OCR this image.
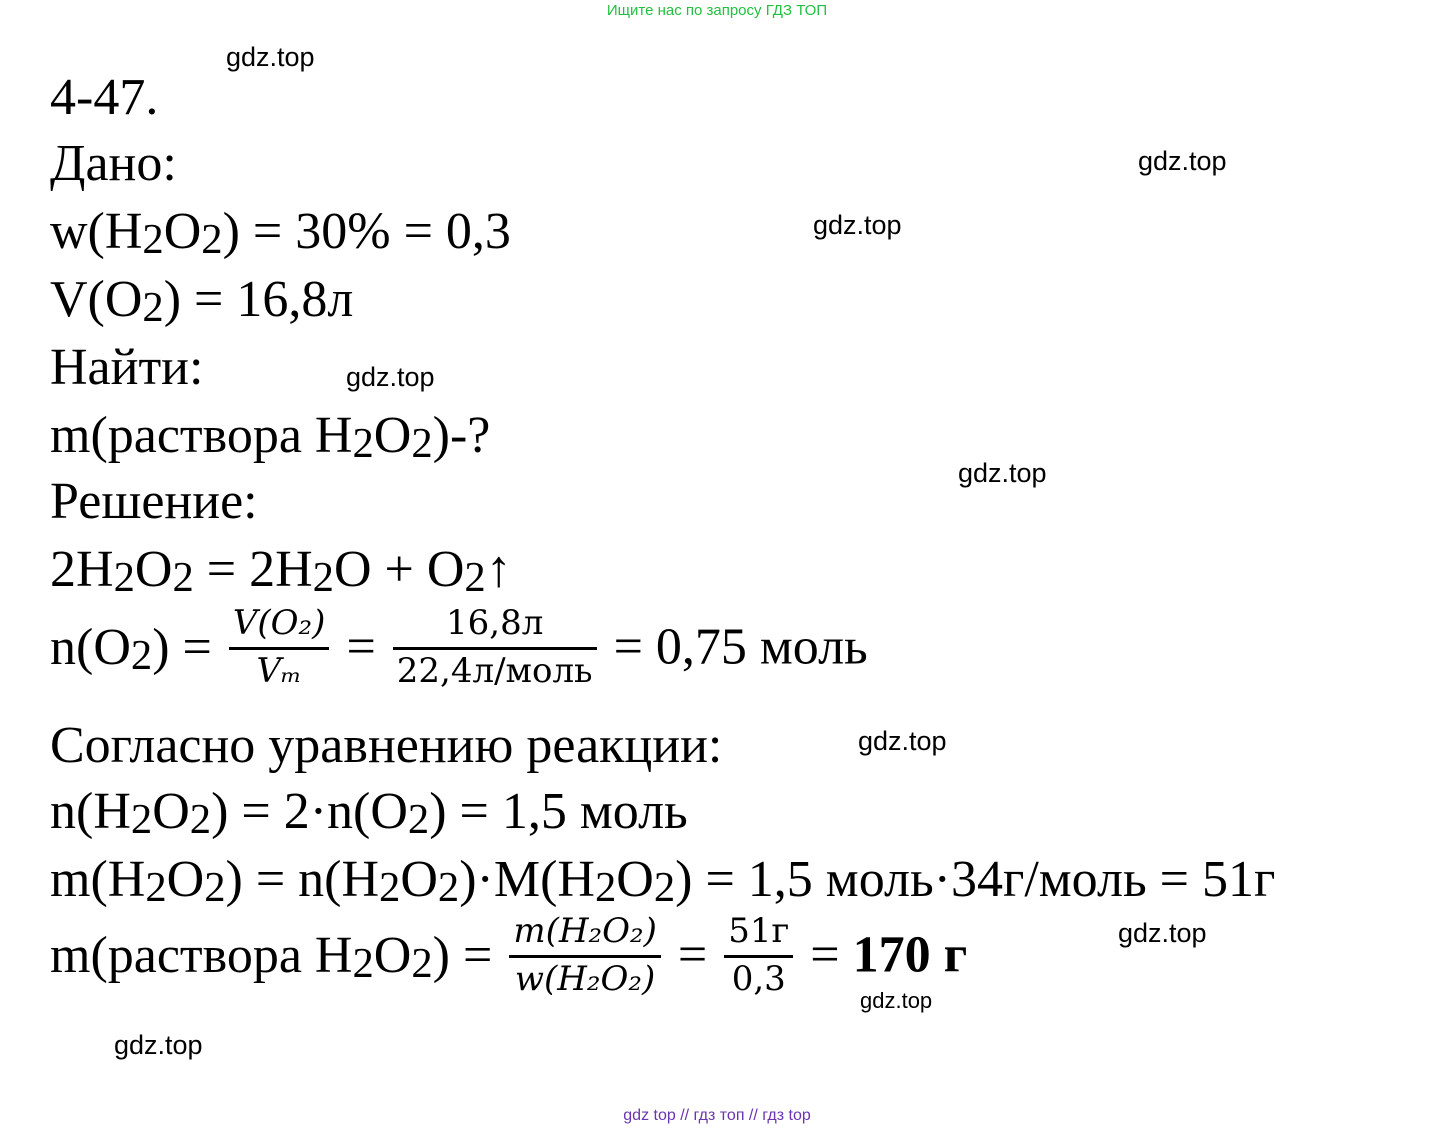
Ищите нас по запросу ГДЗ ТОП
gdz.top
gdz.top
gdz.top
gdz.top
gdz.top
gdz.top
gdz.top
gdz.top
gdz.top
4-47.
Дано:
$w(H_2O_2) = 30\% = 0,3$
$V(O_2) = 16,8л$
Найти:
m(раствора $H_2O_2)-$?
Решение:
$2H_2O_2 = 2H_2O$ + $O_2↑$
$n(O_2) = \frac{\text{V(O₂)}}{\text{Vₘ}} = \frac{16,8л}{\text{22,4л/моль}} = 0,75$ моль
Согласно уравнению реакции:
$n(H_2O_2) = 2\cdot n(O_2) = 1,5$ моль
$m(H_2O_2) = n(H_2O_2)\cdot M(H_2O_2) = 1,5$ моль·34г/моль = 51г
m(раствора $H_2O_2) = \frac{\text{m(H₂O₂)}}{\text{w(H₂O₂)}} = \frac{51г}{0,3} = 170$ г
gdz top // гдз топ // гдз top
